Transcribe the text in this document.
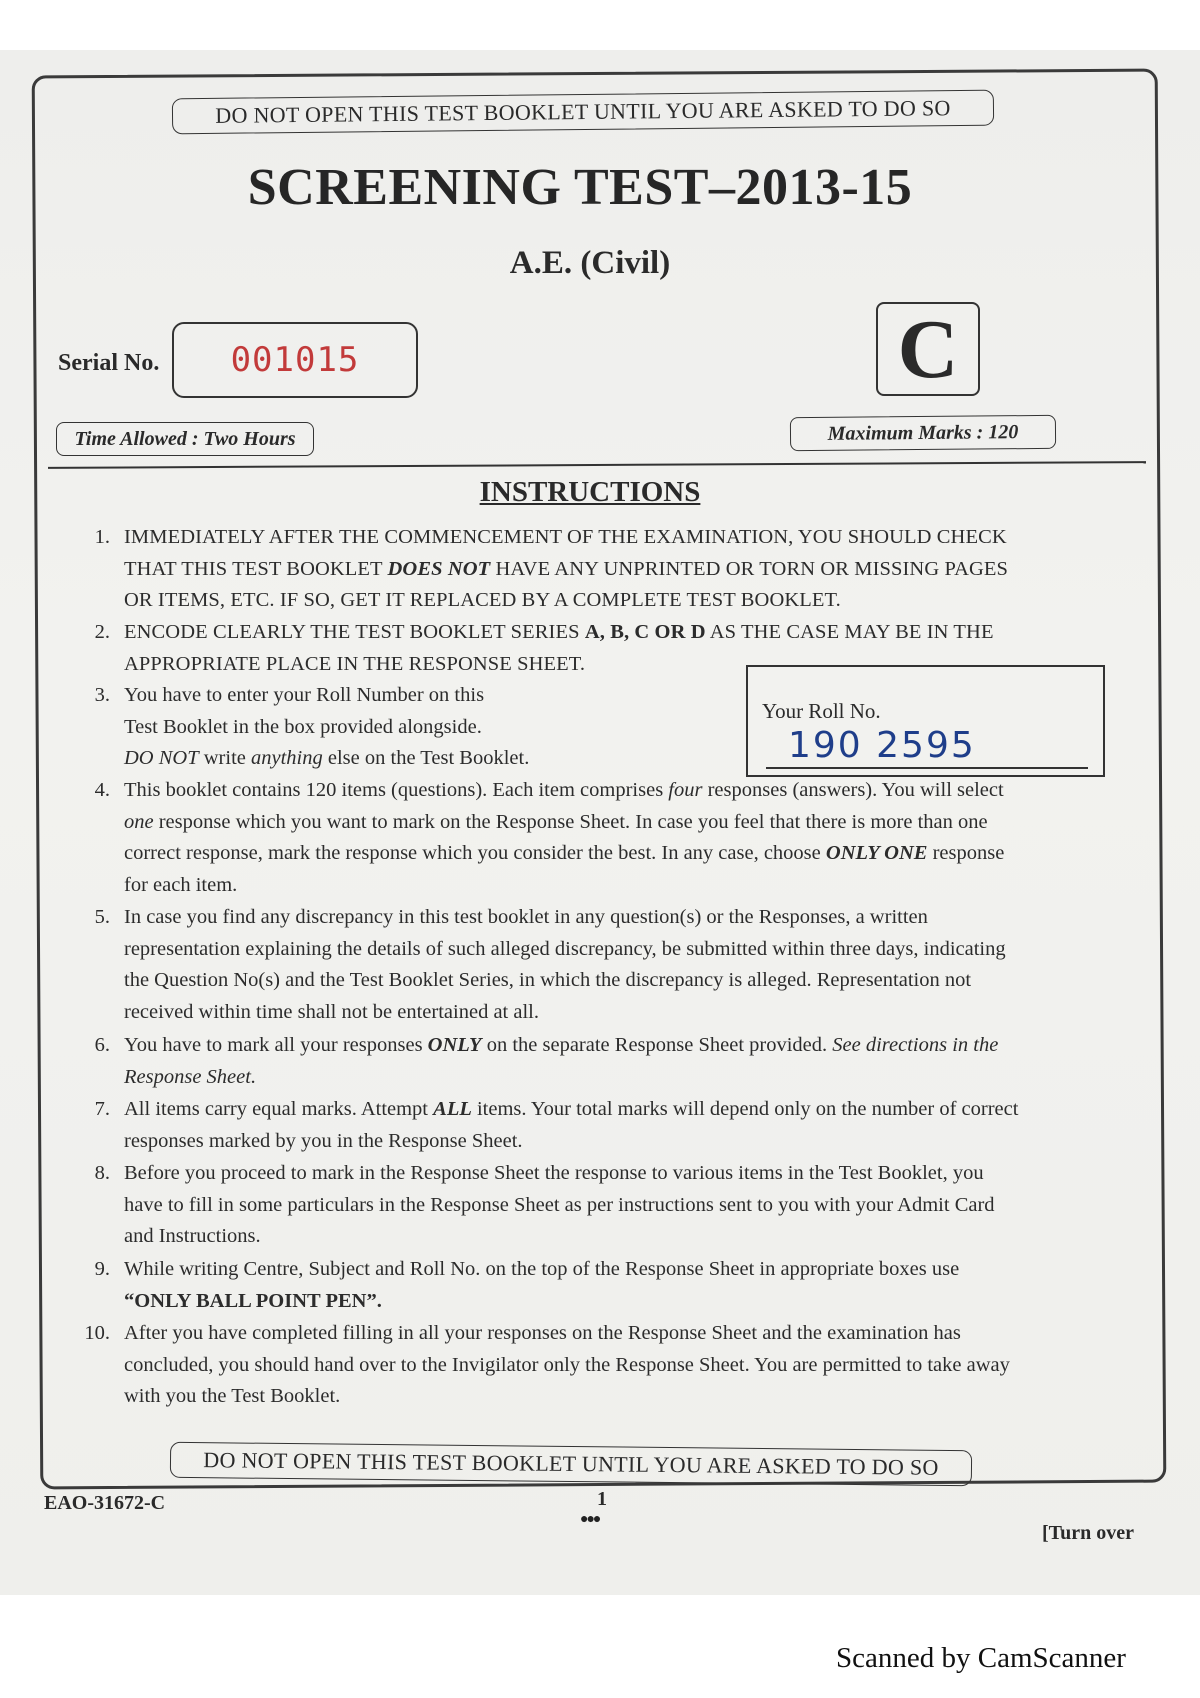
DO NOT OPEN THIS TEST BOOKLET UNTIL YOU ARE ASKED TO DO SO
SCREENING TEST–2013-15
A.E. (Civil)
Serial No.	001015	C
Time Allowed : Two Hours	Maximum Marks : 120
INSTRUCTIONS
1. IMMEDIATELY AFTER THE COMMENCEMENT OF THE EXAMINATION, YOU SHOULD CHECK
THAT THIS TEST BOOKLET DOES NOT HAVE ANY UNPRINTED OR TORN OR MISSING PAGES
OR ITEMS, ETC. IF SO, GET IT REPLACED BY A COMPLETE TEST BOOKLET.
2. ENCODE CLEARLY THE TEST BOOKLET SERIES A, B, C OR D AS THE CASE MAY BE IN THE
APPROPRIATE PLACE IN THE RESPONSE SHEET.
3. You have to enter your Roll Number on this
Test Booklet in the box provided alongside.
DO NOT write anything else on the Test Booklet.
Your Roll No.
190 2595
4. This booklet contains 120 items (questions). Each item comprises four responses (answers). You will select
one response which you want to mark on the Response Sheet. In case you feel that there is more than one
correct response, mark the response which you consider the best. In any case, choose ONLY ONE response
for each item.
5. In case you find any discrepancy in this test booklet in any question(s) or the Responses, a written
representation explaining the details of such alleged discrepancy, be submitted within three days, indicating
the Question No(s) and the Test Booklet Series, in which the discrepancy is alleged. Representation not
received within time shall not be entertained at all.
6. You have to mark all your responses ONLY on the separate Response Sheet provided. See directions in the
Response Sheet.
7. All items carry equal marks. Attempt ALL items. Your total marks will depend only on the number of correct
responses marked by you in the Response Sheet.
8. Before you proceed to mark in the Response Sheet the response to various items in the Test Booklet, you
have to fill in some particulars in the Response Sheet as per instructions sent to you with your Admit Card
and Instructions.
9. While writing Centre, Subject and Roll No. on the top of the Response Sheet in appropriate boxes use
“ONLY BALL POINT PEN”.
10. After you have completed filling in all your responses on the Response Sheet and the examination has
concluded, you should hand over to the Invigilator only the Response Sheet. You are permitted to take away
with you the Test Booklet.
DO NOT OPEN THIS TEST BOOKLET UNTIL YOU ARE ASKED TO DO SO
EAO-31672-C	1
●●●
[Turn over
Scanned by CamScanner
